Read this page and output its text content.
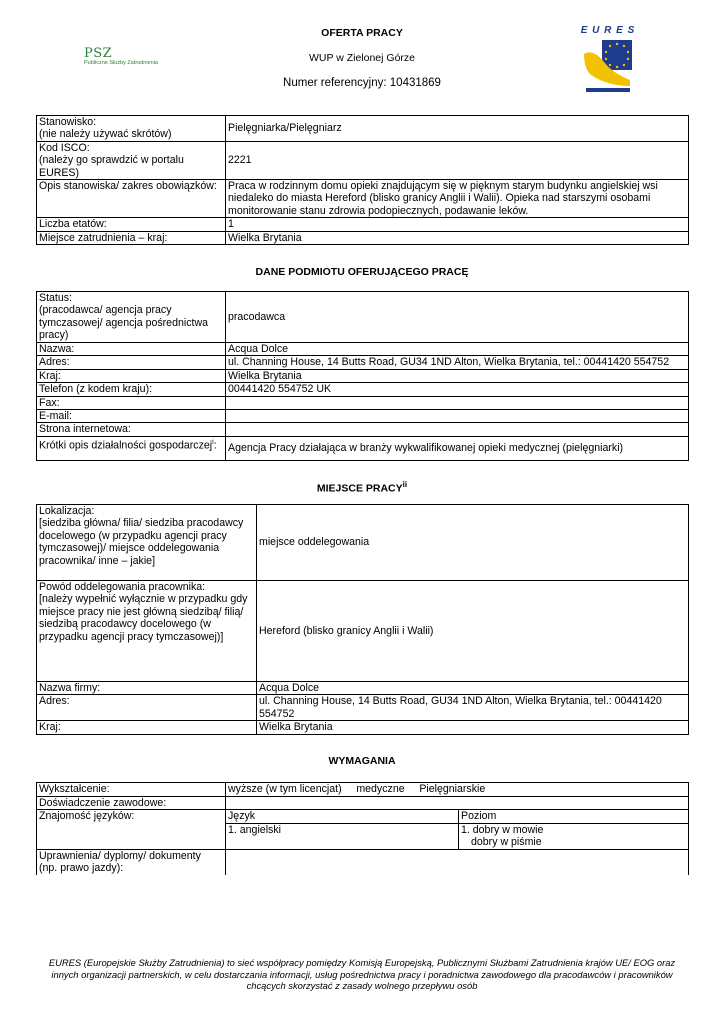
PSZ
Publiczne Służby Zatrudnienia
OFERTA PRACY
WUP w Zielonej Górze
Numer referencyjny: 10431869
E U R E S
Stanowisko:
(nie należy używać skrótów)	Pielęgniarka/Pielęgniarz
Kod ISCO:
(należy go sprawdzić w portalu EURES)	2221
Opis stanowiska/ zakres obowiązków:	Praca w rodzinnym domu opieki znajdującym się w pięknym starym budynku angielskiej wsi niedaleko do miasta Hereford (blisko granicy Anglii i Walii). Opieka nad starszymi osobami monitorowanie stanu zdrowia podopiecznych, podawanie leków.
Liczba etatów:	1
Miejsce zatrudnienia – kraj:	Wielka Brytania
DANE PODMIOTU OFERUJĄCEGO PRACĘ
Status:
(pracodawca/ agencja pracy tymczasowej/ agencja pośrednictwa pracy)	pracodawca
Nazwa:	Acqua Dolce
Adres:	ul. Channing House, 14 Butts Road, GU34 1ND Alton, Wielka Brytania, tel.: 00441420 554752
Kraj:	Wielka Brytania
Telefon (z kodem kraju):	00441420 554752 UK
Fax:	
E-mail:	
Strona internetowa:	
Krótki opis działalności gospodarczej$^i$:	Agencja Pracy działająca w branży wykwalifikowanej opieki medycznej (pielęgniarki)
MIEJSCE PRACY$^{ii}$
Lokalizacja:
[siedziba główna/ filia/ siedziba pracodawcy docelowego (w przypadku agencji pracy tymczasowej)/ miejsce oddelegowania pracownika/ inne – jakie]	miejsce oddelegowania
Powód oddelegowania pracownika:
[należy wypełnić wyłącznie w przypadku gdy miejsce pracy nie jest główną siedzibą/ filią/ siedzibą pracodawcy docelowego (w przypadku agencji pracy tymczasowej)]	Hereford (blisko granicy Anglii i Walii)
Nazwa firmy:	Acqua Dolce
Adres:	ul. Channing House, 14 Butts Road, GU34 1ND Alton, Wielka Brytania, tel.: 00441420 554752
Kraj:	Wielka Brytania
WYMAGANIA
Wykształcenie:	wyższe (w tym licencjat)     medyczne     Pielęgniarskie	
Doświadczenie zawodowe:		
Znajomość języków:	Język	Poziom
	1. angielski	1. dobry w mowie
dobry w piśmie

Uprawnienia/ dyplomy/ dokumenty
(np. prawo jazdy):		
EURES (Europejskie Służby Zatrudnienia) to sieć współpracy pomiędzy Komisją Europejską, Publicznymi Służbami Zatrudnienia krajów UE/ EOG oraz innych organizacji partnerskich, w celu dostarczania informacji, usług pośrednictwa pracy i poradnictwa zawodowego dla pracodawców i pracowników chcących skorzystać z zasady wolnego przepływu osób
